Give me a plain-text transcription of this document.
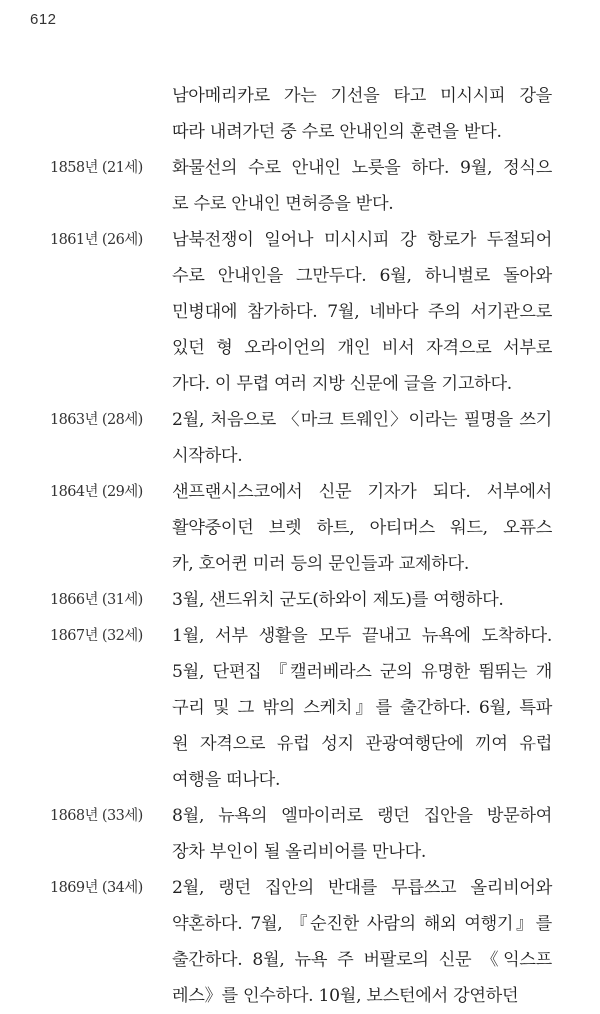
612
남아메리카로 가는 기선을 타고 미시시피 강을
따라 내려가던 중 수로 안내인의 훈련을 받다.
1858년 (21세)	화물선의 수로 안내인 노릇을 하다. 9월, 정식으
로 수로 안내인 면허증을 받다.
1861년 (26세)	남북전쟁이 일어나 미시시피 강 항로가 두절되어
수로 안내인을 그만두다. 6월, 하니벌로 돌아와
민병대에 참가하다. 7월, 네바다 주의 서기관으로
있던 형 오라이언의 개인 비서 자격으로 서부로
가다. 이 무렵 여러 지방 신문에 글을 기고하다.
1863년 (28세)	2월, 처음으로 〈마크 트웨인〉이라는 필명을 쓰기
시작하다.
1864년 (29세)	샌프랜시스코에서 신문 기자가 되다. 서부에서
활약중이던 브렛 하트, 아티머스 워드, 오퓨스
카, 호어퀸 미러 등의 문인들과 교제하다.
1866년 (31세)	3월, 샌드위치 군도(하와이 제도)를 여행하다.
1867년 (32세)	1월, 서부 생활을 모두 끝내고 뉴욕에 도착하다.
5월, 단편집 『캘러베라스 군의 유명한 뜀뛰는 개
구리 및 그 밖의 스케치』를 출간하다. 6월, 특파
원 자격으로 유럽 성지 관광여행단에 끼여 유럽
여행을 떠나다.
1868년 (33세)	8월, 뉴욕의 엘마이러로 랭던 집안을 방문하여
장차 부인이 될 올리비어를 만나다.
1869년 (34세)	2월, 랭던 집안의 반대를 무릅쓰고 올리비어와
약혼하다. 7월, 『순진한 사람의 해외 여행기』를
출간하다. 8월, 뉴욕 주 버팔로의 신문 《익스프
레스》를 인수하다. 10월, 보스턴에서 강연하던
